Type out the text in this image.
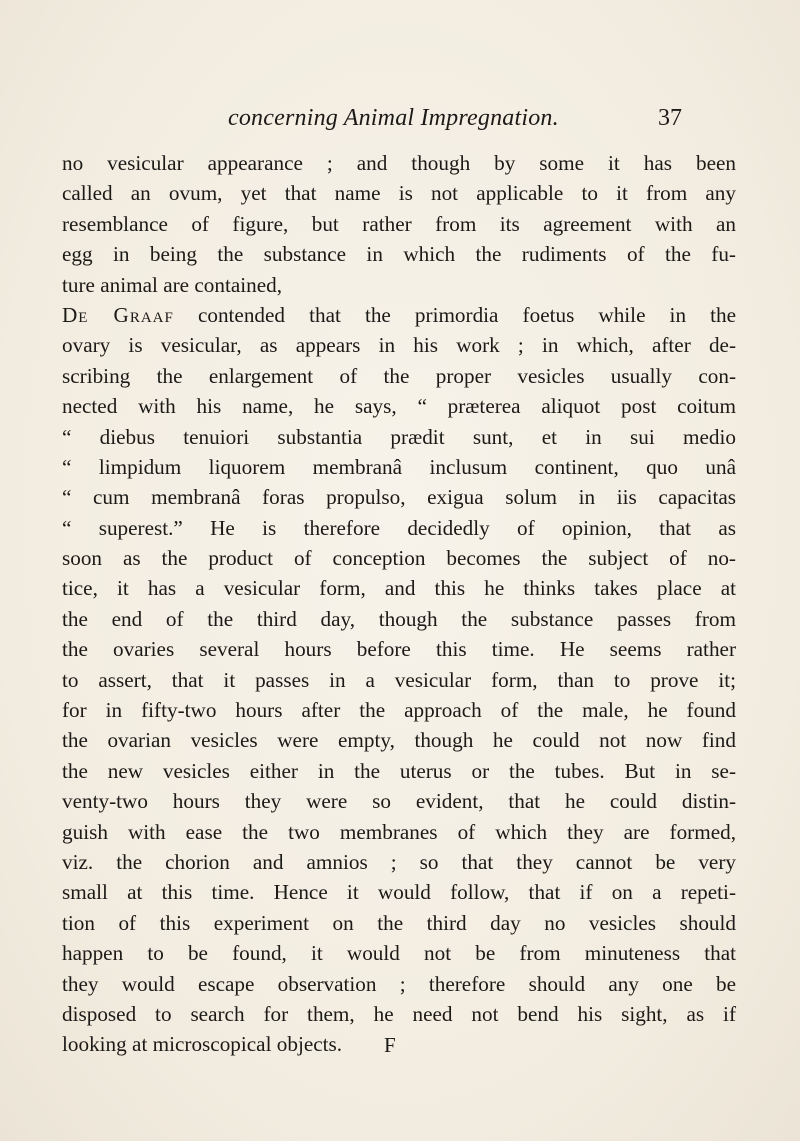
concerning Animal Impregnation.	37
no vesicular appearance ; and though by some it has been
called an ovum, yet that name is not applicable to it from any
resemblance of figure, but rather from its agreement with an
egg in being the substance in which the rudiments of the fu-
ture animal are contained,
De Graaf contended that the primordia foetus while in the
ovary is vesicular, as appears in his work ; in which, after de-
scribing the enlargement of the proper vesicles usually con-
nected with his name, he says, “ præterea aliquot post coitum
“ diebus tenuiori substantia prædit sunt, et in sui medio
“ limpidum liquorem membranâ inclusum continent, quo unâ
“ cum membranâ foras propulso, exigua solum in iis capacitas
“ superest.” He is therefore decidedly of opinion, that as
soon as the product of conception becomes the subject of no-
tice, it has a vesicular form, and this he thinks takes place at
the end of the third day, though the substance passes from
the ovaries several hours before this time. He seems rather
to assert, that it passes in a vesicular form, than to prove it;
for in fifty-two hours after the approach of the male, he found
the ovarian vesicles were empty, though he could not now find
the new vesicles either in the uterus or the tubes. But in se-
venty-two hours they were so evident, that he could distin-
guish with ease the two membranes of which they are formed,
viz. the chorion and amnios ; so that they cannot be very
small at this time. Hence it would follow, that if on a repeti-
tion of this experiment on the third day no vesicles should
happen to be found, it would not be from minuteness that
they would escape observation ; therefore should any one be
disposed to search for them, he need not bend his sight, as if
looking at microscopical objects.	F
